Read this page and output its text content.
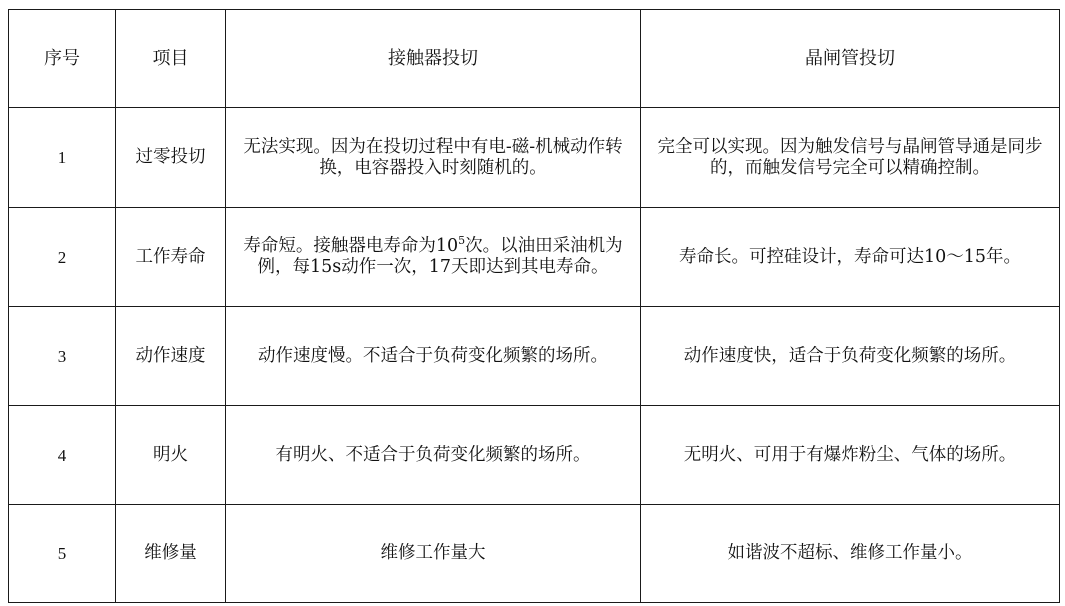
序号	项目	接触器投切	晶闸管投切
1	过零投切	无法实现。因为在投切过程中有电-磁-机械动作转换，电容器投入时刻随机的。	完全可以实现。因为触发信号与晶闸管导通是同步的，而触发信号完全可以精确控制。
2	工作寿命	寿命短。接触器电寿命为$10^5$次。以油田采油机为例，每15s动作一次，17天即达到其电寿命。	寿命长。可控硅设计，寿命可达10～15年。
3	动作速度	动作速度慢。不适合于负荷变化频繁的场所。	动作速度快，适合于负荷变化频繁的场所。
4	明火	有明火、不适合于负荷变化频繁的场所。	无明火、可用于有爆炸粉尘、气体的场所。
5	维修量	维修工作量大	如谐波不超标、维修工作量小。
